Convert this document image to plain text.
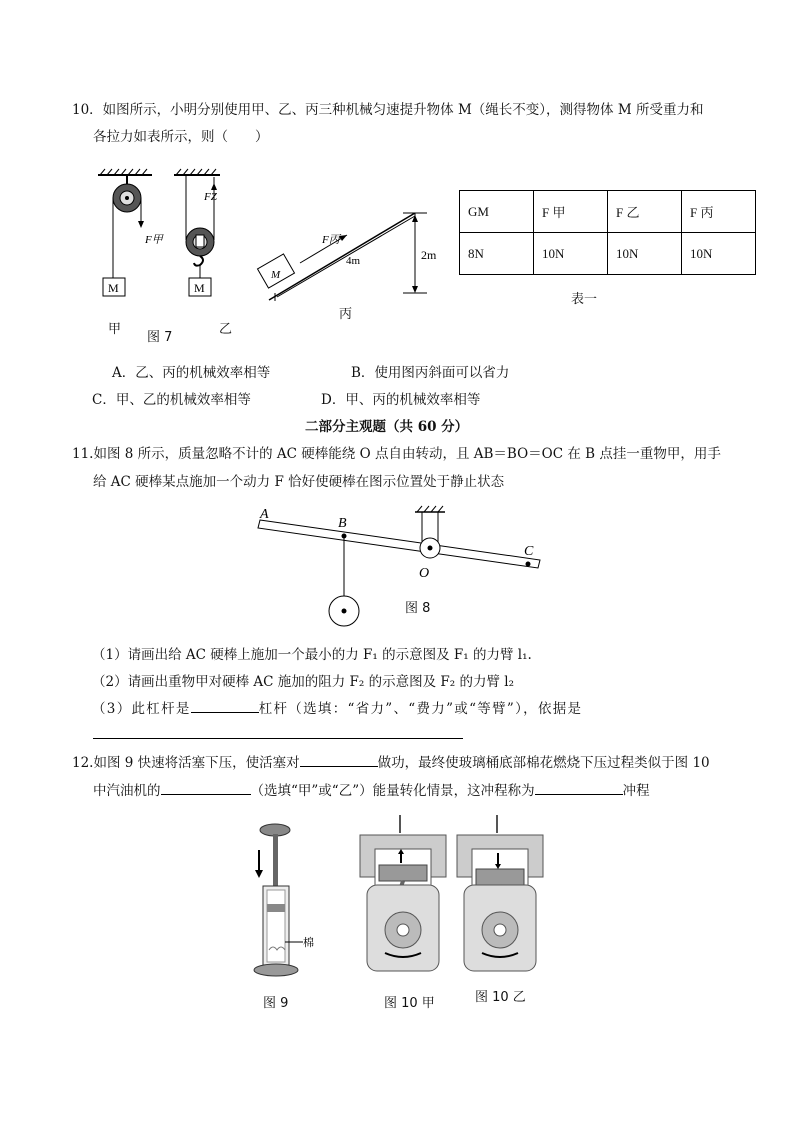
10．如图所示，小明分别使用甲、乙、丙三种机械匀速提升物体 M（绳长不变），测得物体 M 所受重力和
各拉力如表所示，则（　　）
F甲
M
FZ
M
甲
图 7
乙
2m
M
F丙
4m
丙
GM	F 甲	F 乙	F 丙
8N	10N	10N	10N
表一
A．乙、丙的机械效率相等	B．使用图丙斜面可以省力
C．甲、乙的机械效率相等	D．甲、丙的机械效率相等
二部分主观题（共 60 分）
11.如图 8 所示，质量忽略不计的 AC 硬棒能绕 O 点自由转动，且 AB＝BO＝OC 在 B 点挂一重物甲，用手
给 AC 硬棒某点施加一个动力 F 恰好使硬棒在图示位置处于静止状态
A
B
C
O
图 8
（1）请画出给 AC 硬棒上施加一个最小的力 F₁ 的示意图及 F₁ 的力臂 l₁.
（2）请画出重物甲对硬棒 AC 施加的阻力 F₂ 的示意图及 F₂ 的力臂 l₂
（3）此杠杆是	杠杆（选填：“省力”、“费力”或“等臂”），依据是
12.如图 9 快速将活塞下压，使活塞对	做功，最终使玻璃桶底部棉花燃烧下压过程类似于图 10
中汽油机的	（选填“甲”或“乙”）能量转化情景，这冲程称为	冲程
棉
图 9	图 10 甲	图 10 乙
